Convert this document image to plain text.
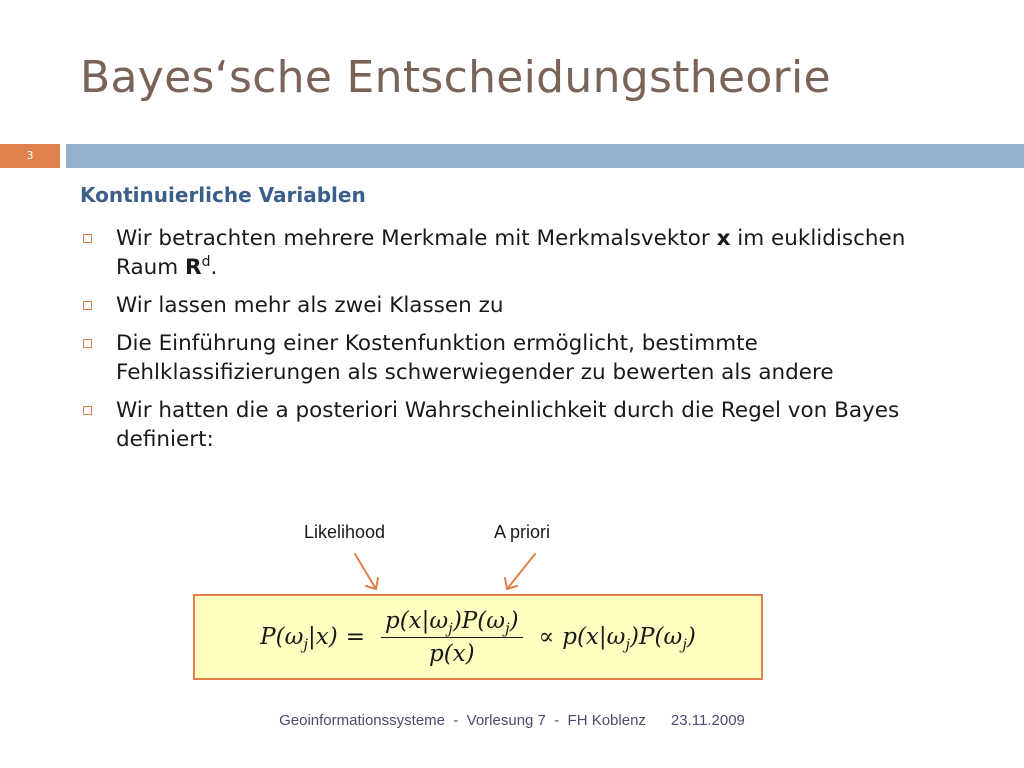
Bayes‘sche Entscheidungstheorie
3
Kontinuierliche Variablen
Wir betrachten mehrere Merkmale mit Merkmalsvektor x im euklidischen Raum $R^d$.
Wir lassen mehr als zwei Klassen zu
Die Einführung einer Kostenfunktion ermöglicht, bestimmte Fehlklassifizierungen als schwerwiegender zu bewerten als andere
Wir hatten die a posteriori Wahrscheinlichkeit durch die Regel von Bayes definiert:
Likelihood	A priori
$P(\omega_j|x) = \frac{p(x|\omega_j)P(\omega_j)}{p(x)} \propto p(x|\omega_j)P(\omega_j)$
Geoinformationssysteme  -  Vorlesung 7  -  FH Koblenz      23.11.2009
